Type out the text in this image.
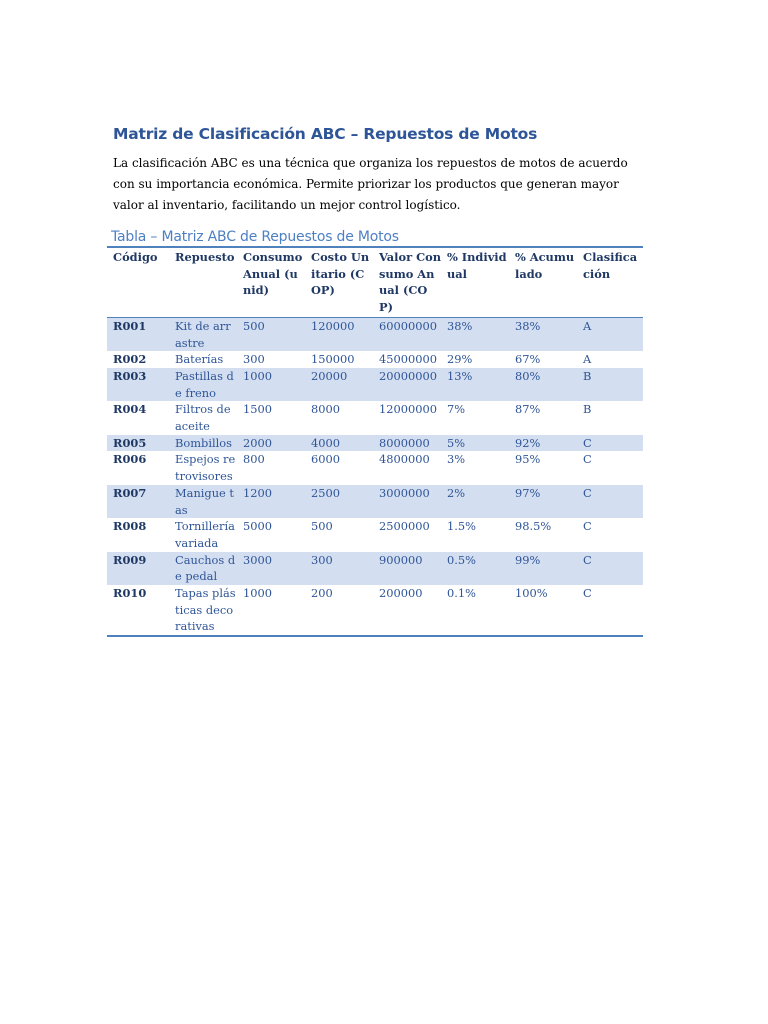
Matriz de Clasificación ABC – Repuestos de Motos

La clasificación ABC es una técnica que organiza los repuestos de motos de acuerdo con su importancia económica. Permite priorizar los productos que generan mayor valor al inventario, facilitando un mejor control logístico.

Tabla – Matriz ABC de Repuestos de Motos
Código	Repuesto	Consumo Anual (unid)	Costo Unitario (COP)	Valor Consumo Anual (COP)	% Individual	% Acumulado	Clasificación
R001	Kit de arrastre	500	120000	60000000	38%	38%	A
R002	Baterías	300	150000	45000000	29%	67%	A
R003	Pastillas de freno	1000	20000	20000000	13%	80%	B
R004	Filtros de aceite	1500	8000	12000000	7%	87%	B
R005	Bombillos	2000	4000	8000000	5%	92%	C
R006	Espejos retrovisores	800	6000	4800000	3%	95%	C
R007	Manigue tas	1200	2500	3000000	2%	97%	C
R008	Tornillería variada	5000	500	2500000	1.5%	98.5%	C
R009	Cauchos de pedal	3000	300	900000	0.5%	99%	C
R010	Tapas plásticas decorativas	1000	200	200000	0.1%	100%	C
